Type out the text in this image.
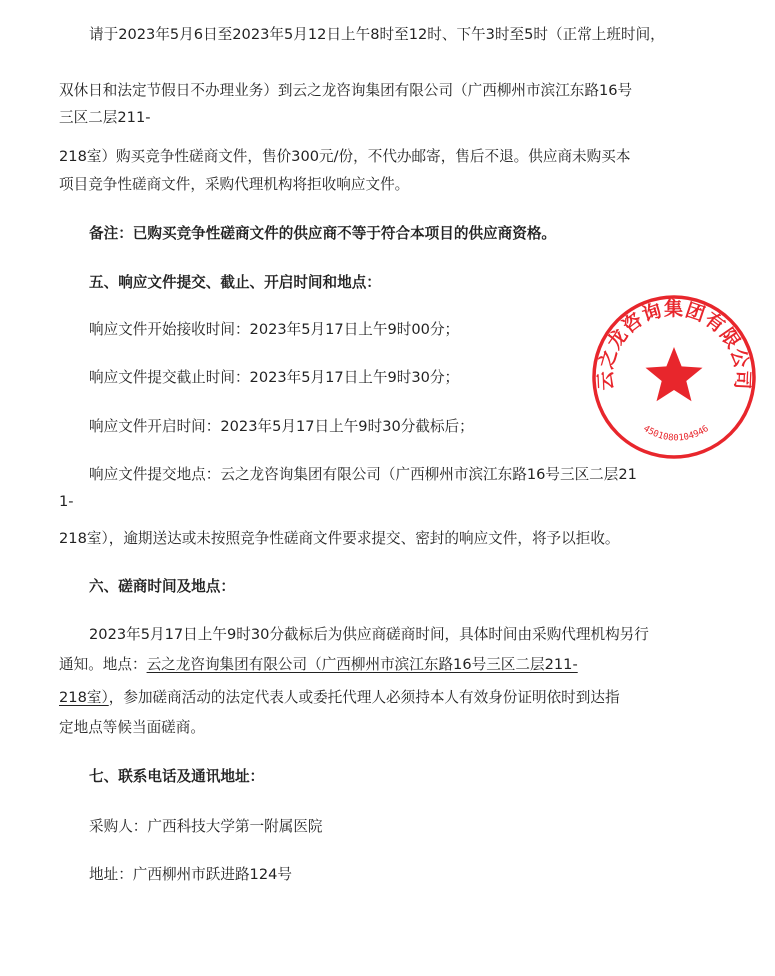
请于2023年5月6日至2023年5月12日上午8时至12时、下午3时至5时（正常上班时间，
双休日和法定节假日不办理业务）到云之龙咨询集团有限公司（广西柳州市滨江东路16号
三区二层211-
218室）购买竞争性磋商文件，售价300元/份，不代办邮寄，售后不退。供应商未购买本
项目竞争性磋商文件，采购代理机构将拒收响应文件。
备注：已购买竞争性磋商文件的供应商不等于符合本项目的供应商资格。
五、响应文件提交、截止、开启时间和地点：
响应文件开始接收时间：2023年5月17日上午9时00分；
响应文件提交截止时间：2023年5月17日上午9时30分；
响应文件开启时间：2023年5月17日上午9时30分截标后；
响应文件提交地点：云之龙咨询集团有限公司（广西柳州市滨江东路16号三区二层21
1-
218室），逾期送达或未按照竞争性磋商文件要求提交、密封的响应文件，将予以拒收。
六、磋商时间及地点：
2023年5月17日上午9时30分截标后为供应商磋商时间，具体时间由采购代理机构另行
通知。地点：云之龙咨询集团有限公司（广西柳州市滨江东路16号三区二层211-
218室），参加磋商活动的法定代表人或委托代理人必须持本人有效身份证明依时到达指
定地点等候当面磋商。
七、联系电话及通讯地址：
采购人：广西科技大学第一附属医院
地址：广西柳州市跃进路124号
云之龙咨询集团有限公司
4501080104946
